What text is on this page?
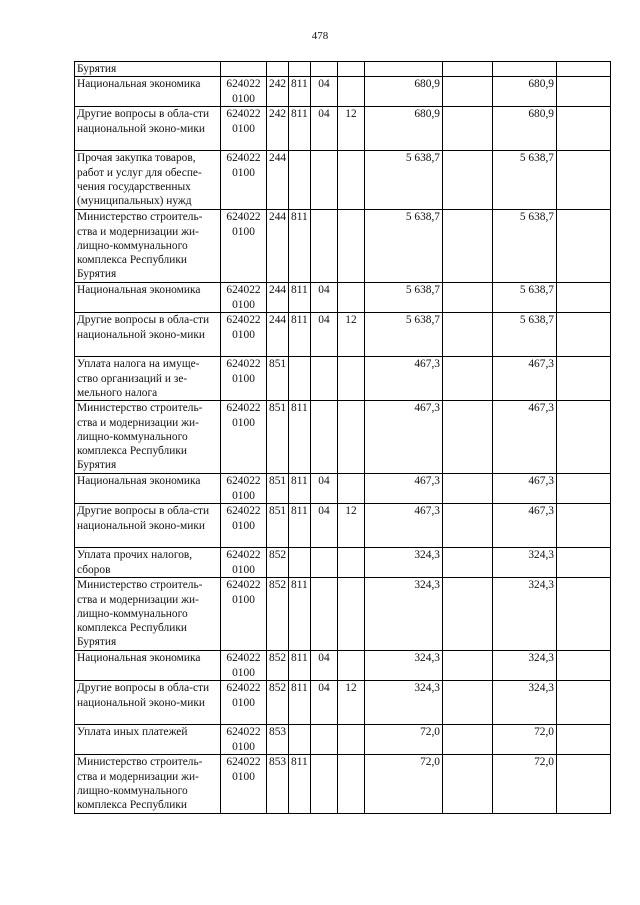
478
Бурятия									
Национальная экономика	624022 0100	242	811	04		680,9		680,9	
Другие вопросы в обла-сти национальной эконо-мики	624022 0100	242	811	04	12	680,9		680,9	
Прочая закупка товаров, работ и услуг для обеспе-чения государственных (муниципальных) нужд	624022 0100	244				5 638,7		5 638,7	
Министерство строитель-ства и модернизации жи-лищно-коммунального комплекса Республики Бурятия	624022 0100	244	811			5 638,7		5 638,7	
Национальная экономика	624022 0100	244	811	04		5 638,7		5 638,7	
Другие вопросы в обла-сти национальной эконо-мики	624022 0100	244	811	04	12	5 638,7		5 638,7	
Уплата налога на имуще-ство организаций и зе-мельного налога	624022 0100	851				467,3		467,3	
Министерство строитель-ства и модернизации жи-лищно-коммунального комплекса Республики Бурятия	624022 0100	851	811			467,3		467,3	
Национальная экономика	624022 0100	851	811	04		467,3		467,3	
Другие вопросы в обла-сти национальной эконо-мики	624022 0100	851	811	04	12	467,3		467,3	
Уплата прочих налогов, сборов	624022 0100	852				324,3		324,3	
Министерство строитель-ства и модернизации жи-лищно-коммунального комплекса Республики Бурятия	624022 0100	852	811			324,3		324,3	
Национальная экономика	624022 0100	852	811	04		324,3		324,3	
Другие вопросы в обла-сти национальной эконо-мики	624022 0100	852	811	04	12	324,3		324,3	
Уплата иных платежей	624022 0100	853				72,0		72,0	
Министерство строитель-ства и модернизации жи-лищно-коммунального комплекса Республики	624022 0100	853	811			72,0		72,0	
